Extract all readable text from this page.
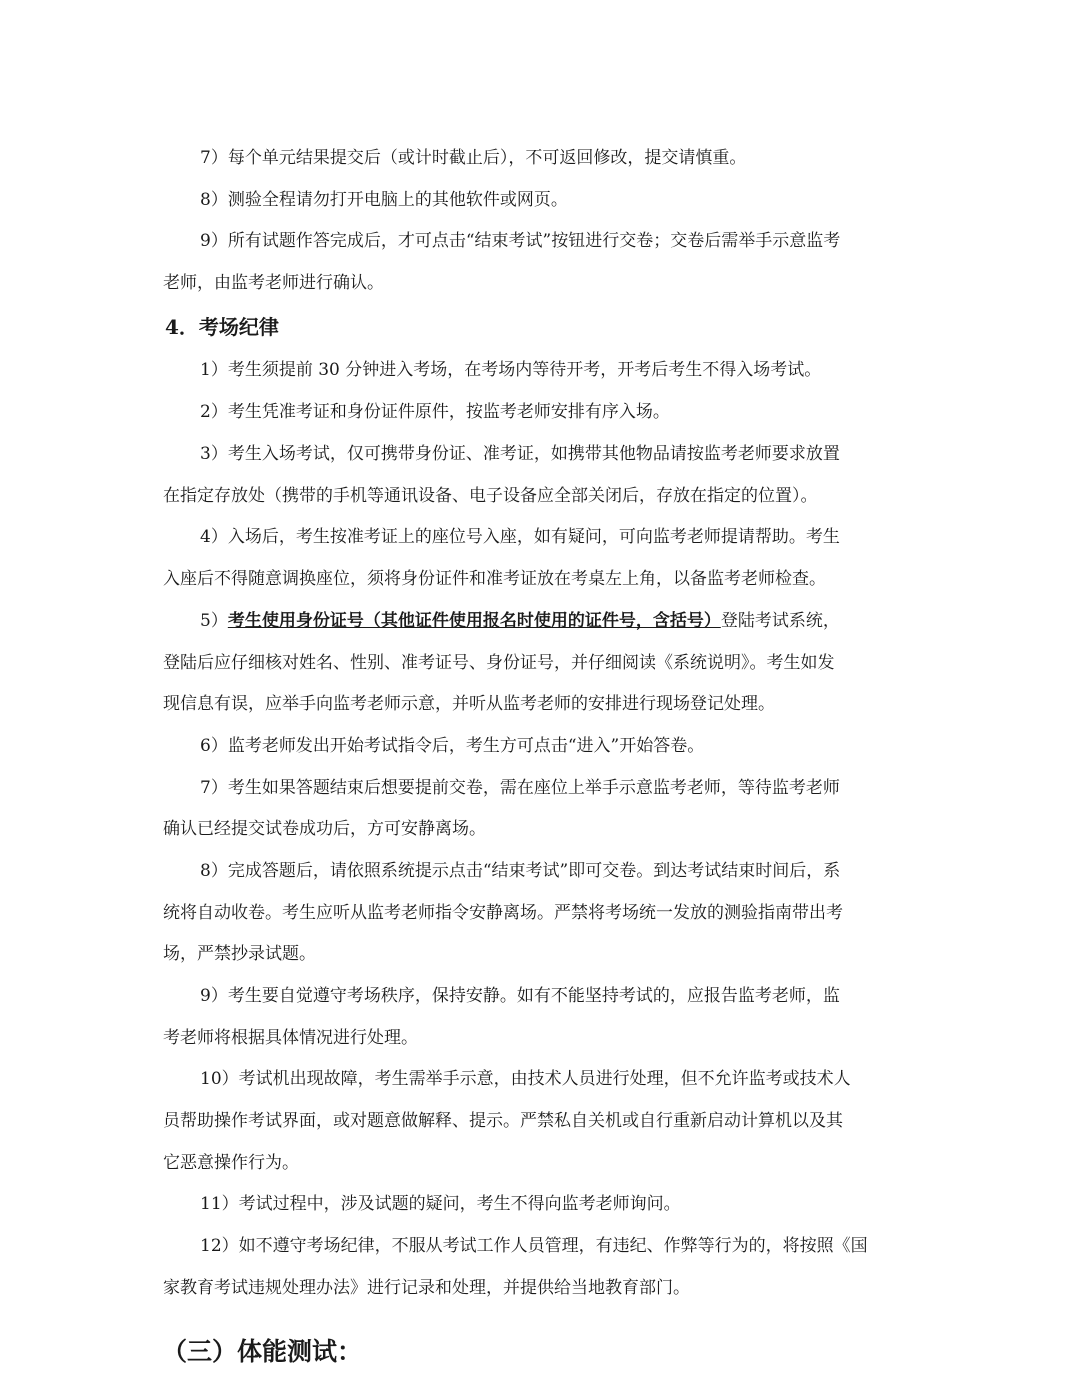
7）每个单元结果提交后（或计时截止后），不可返回修改，提交请慎重。
8）测验全程请勿打开电脑上的其他软件或网页。
9）所有试题作答完成后，才可点击“结束考试”按钮进行交卷；交卷后需举手示意监考
老师，由监考老师进行确认。
4．考场纪律
1）考生须提前 30 分钟进入考场，在考场内等待开考，开考后考生不得入场考试。
2）考生凭准考证和身份证件原件，按监考老师安排有序入场。
3）考生入场考试，仅可携带身份证、准考证，如携带其他物品请按监考老师要求放置
在指定存放处（携带的手机等通讯设备、电子设备应全部关闭后，存放在指定的位置）。
4）入场后，考生按准考证上的座位号入座，如有疑问，可向监考老师提请帮助。考生
入座后不得随意调换座位，须将身份证件和准考证放在考桌左上角，以备监考老师检查。
5）考生使用身份证号（其他证件使用报名时使用的证件号，含括号）登陆考试系统，
登陆后应仔细核对姓名、性别、准考证号、身份证号，并仔细阅读《系统说明》。考生如发
现信息有误，应举手向监考老师示意，并听从监考老师的安排进行现场登记处理。
6）监考老师发出开始考试指令后，考生方可点击“进入”开始答卷。
7）考生如果答题结束后想要提前交卷，需在座位上举手示意监考老师，等待监考老师
确认已经提交试卷成功后，方可安静离场。
8）完成答题后，请依照系统提示点击“结束考试”即可交卷。到达考试结束时间后，系
统将自动收卷。考生应听从监考老师指令安静离场。严禁将考场统一发放的测验指南带出考
场，严禁抄录试题。
9）考生要自觉遵守考场秩序，保持安静。如有不能坚持考试的，应报告监考老师，监
考老师将根据具体情况进行处理。
10）考试机出现故障，考生需举手示意，由技术人员进行处理，但不允许监考或技术人
员帮助操作考试界面，或对题意做解释、提示。严禁私自关机或自行重新启动计算机以及其
它恶意操作行为。
11）考试过程中，涉及试题的疑问，考生不得向监考老师询问。
12）如不遵守考场纪律，不服从考试工作人员管理，有违纪、作弊等行为的，将按照《国
家教育考试违规处理办法》进行记录和处理，并提供给当地教育部门。
（三）体能测试：
